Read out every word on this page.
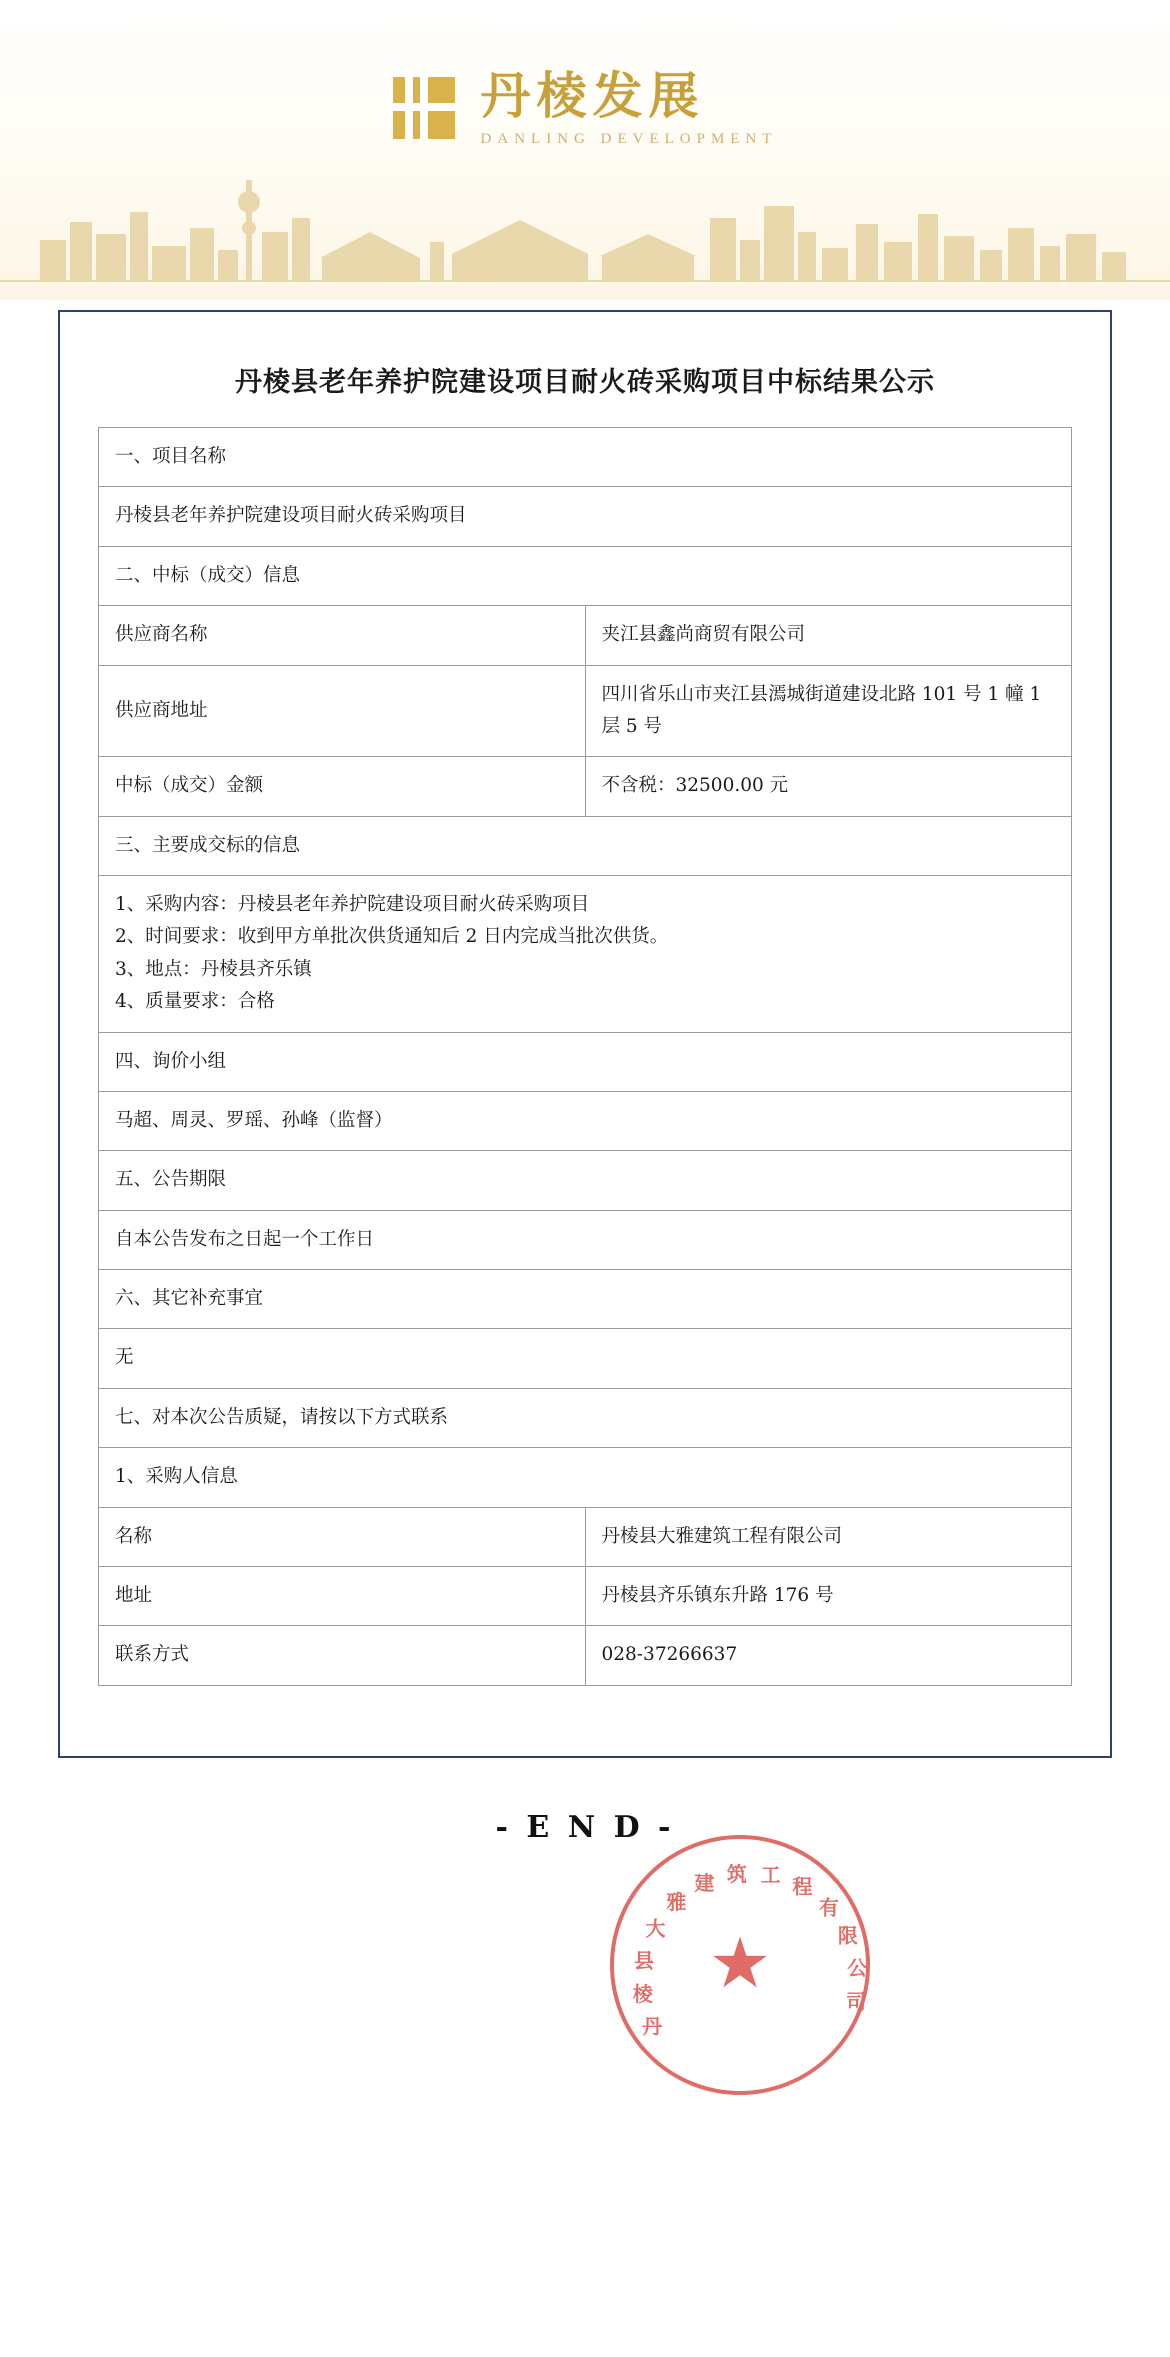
丹棱发展
DANLING DEVELOPMENT
丹棱县老年养护院建设项目耐火砖采购项目中标结果公示
一、项目名称	
丹棱县老年养护院建设项目耐火砖采购项目	
二、中标（成交）信息	
供应商名称	夹江县鑫尚商贸有限公司
供应商地址	四川省乐山市夹江县漹城街道建设北路 101 号 1 幢 1 层 5 号
中标（成交）金额	不含税：32500.00 元
三、主要成交标的信息	

1、采购内容：丹棱县老年养护院建设项目耐火砖采购项目
2、时间要求：收到甲方单批次供货通知后 2 日内完成当批次供货。
3、地点：丹棱县齐乐镇
4、质量要求：合格	

四、询价小组	
马超、周灵、罗瑶、孙峰（监督）	
五、公告期限	
自本公告发布之日起一个工作日	
六、其它补充事宜	
无	
七、对本次公告质疑，请按以下方式联系	
1、采购人信息	
名称	丹棱县大雅建筑工程有限公司
地址	丹棱县齐乐镇东升路 176 号
联系方式	028-37266637
丹
棱
县
大
雅
建 筑 工 程
有
限
公
司
★
- E N D -
